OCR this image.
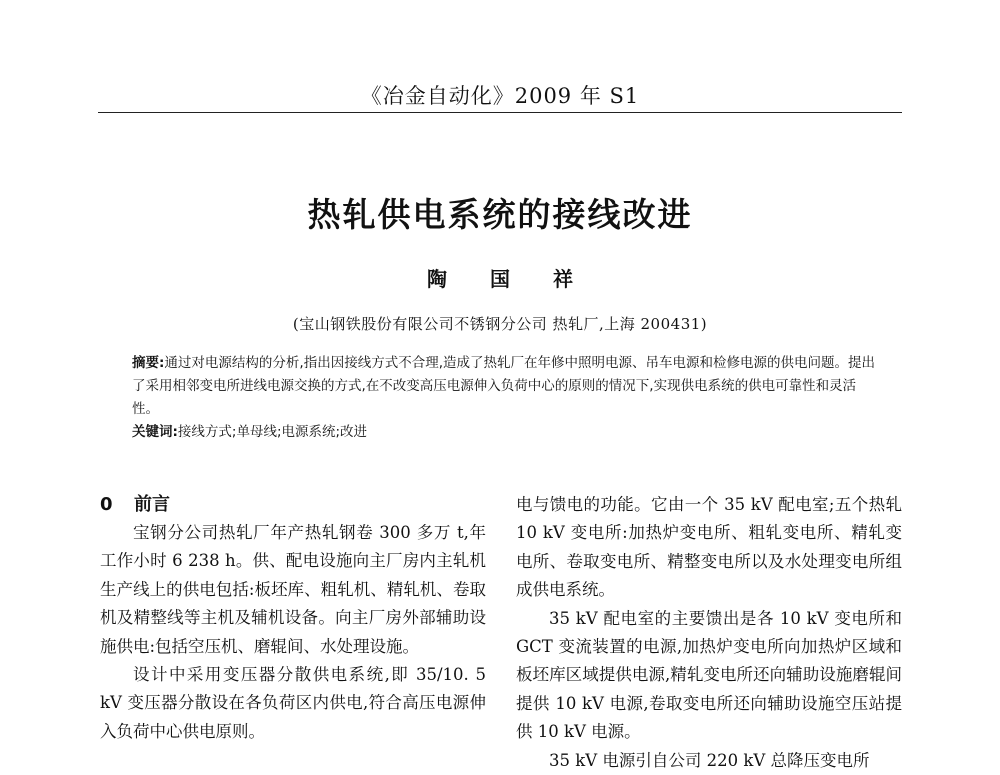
《冶金自动化》2009 年 S1
热轧供电系统的接线改进
陶 国 祥
(宝山钢铁股份有限公司不锈钢分公司 热轧厂,上海 200431)
摘要:通过对电源结构的分析,指出因接线方式不合理,造成了热轧厂在年修中照明电源、吊车电源和检修电源的供电问题。提出了采用相邻变电所进线电源交换的方式,在不改变高压电源伸入负荷中心的原则的情况下,实现供电系统的供电可靠性和灵活性。
关键词:接线方式;单母线;电源系统;改进
0 前言

宝钢分公司热轧厂年产热轧钢卷 300 多万 t,年工作小时 6 238 h。供、配电设施向主厂房内主轧机生产线上的供电包括:板坯库、粗轧机、精轧机、卷取机及精整线等主机及辅机设备。向主厂房外部辅助设施供电:包括空压机、磨辊间、水处理设施。

设计中采用变压器分散供电系统,即 35/10. 5 kV 变压器分散设在各负荷区内供电,符合高压电源伸入负荷中心供电原则。

电与馈电的功能。它由一个 35 kV 配电室;五个热轧 10 kV 变电所:加热炉变电所、粗轧变电所、精轧变电所、卷取变电所、精整变电所以及水处理变电所组成供电系统。

35 kV 配电室的主要馈出是各 10 kV 变电所和 GCT 变流装置的电源,加热炉变电所向加热炉区域和板坯库区域提供电源,精轧变电所还向辅助设施磨辊间提供 10 kV 电源,卷取变电所还向辅助设施空压站提供 10 kV 电源。

35 kV 电源引自公司 220 kV 总降压变电所
